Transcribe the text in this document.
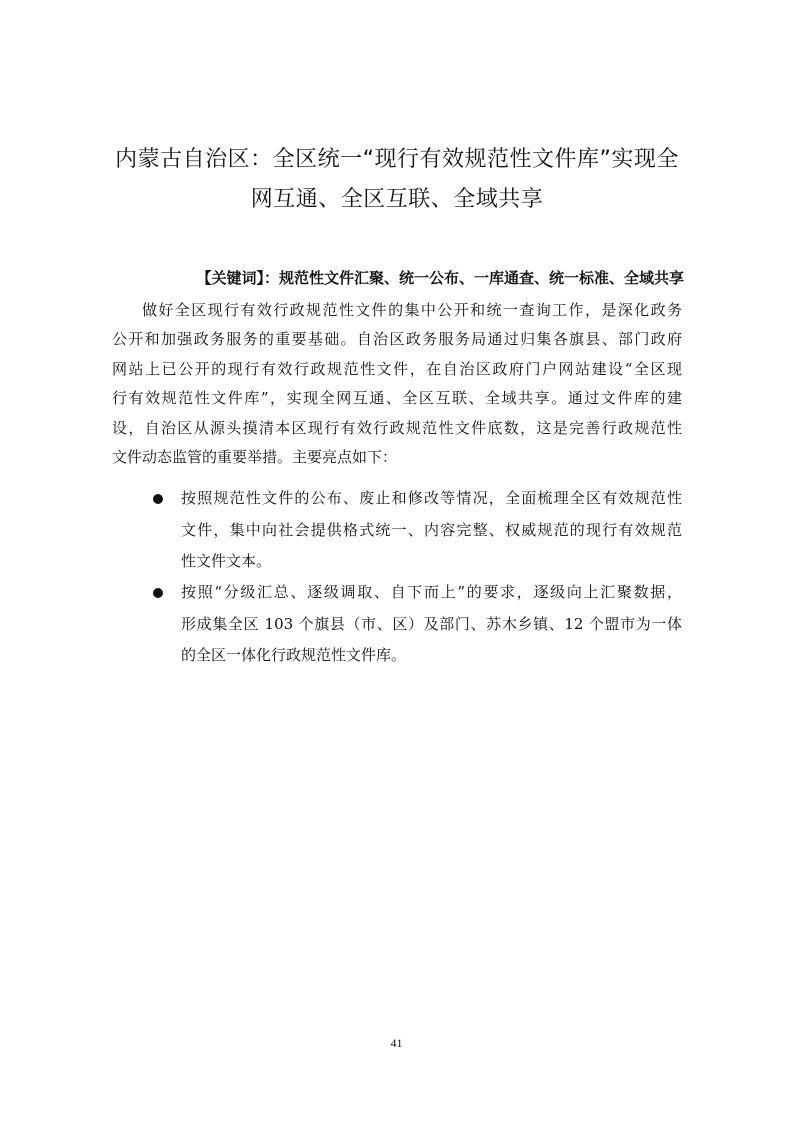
内蒙古自治区：全区统一“现行有效规范性文件库”实现全
网互通、全区互联、全域共享
【关键词】：规范性文件汇聚、统一公布、一库通查、统一标准、全域共享
做好全区现行有效行政规范性文件的集中公开和统一查询工作，是深化政务
公开和加强政务服务的重要基础。自治区政务服务局通过归集各旗县、部门政府
网站上已公开的现行有效行政规范性文件，在自治区政府门户网站建设“全区现
行有效规范性文件库”，实现全网互通、全区互联、全域共享。通过文件库的建
设，自治区从源头摸清本区现行有效行政规范性文件底数，这是完善行政规范性
文件动态监管的重要举措。主要亮点如下：
按照规范性文件的公布、废止和修改等情况，全面梳理全区有效规范性
文件，集中向社会提供格式统一、内容完整、权威规范的现行有效规范
性文件文本。
按照“分级汇总、逐级调取、自下而上”的要求，逐级向上汇聚数据，
形成集全区 103 个旗县（市、区）及部门、苏木乡镇、12 个盟市为一体
的全区一体化行政规范性文件库。
41
